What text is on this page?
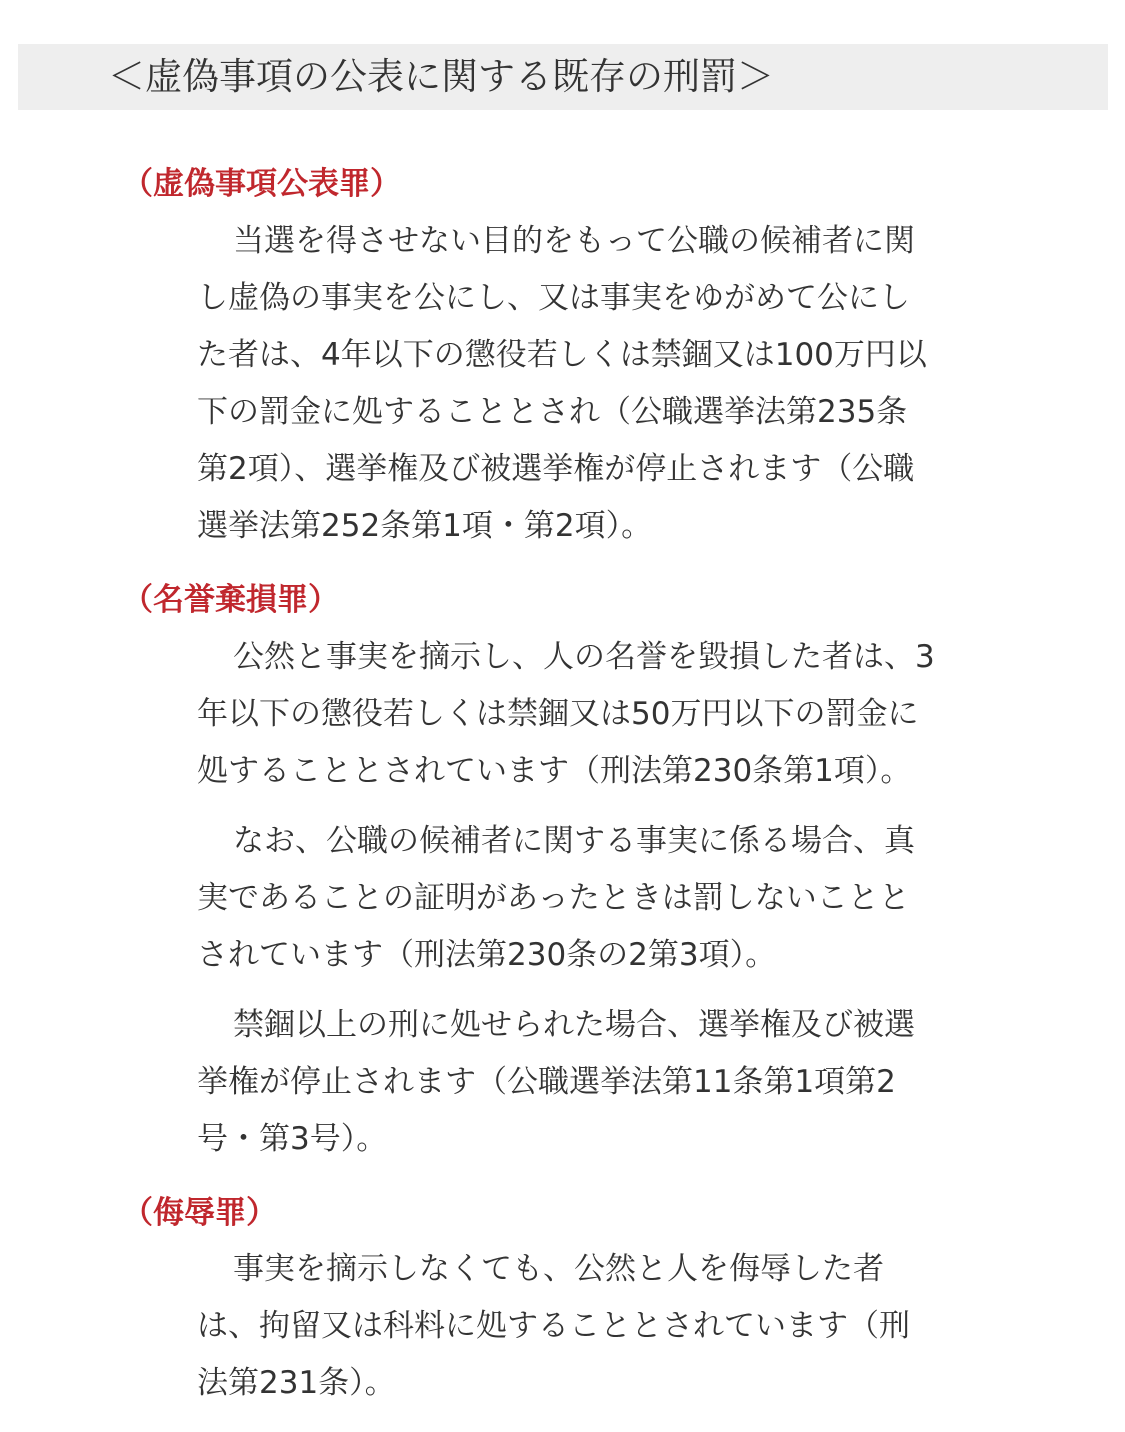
＜虚偽事項の公表に関する既存の刑罰＞
（虚偽事項公表罪）
当選を得させない目的をもって公職の候補者に関
し虚偽の事実を公にし、又は事実をゆがめて公にし
た者は、4年以下の懲役若しくは禁錮又は100万円以
下の罰金に処することとされ（公職選挙法第235条
第2項）、選挙権及び被選挙権が停止されます（公職
選挙法第252条第1項・第2項）。
（名誉棄損罪）
公然と事実を摘示し、人の名誉を毀損した者は、3
年以下の懲役若しくは禁錮又は50万円以下の罰金に
処することとされています（刑法第230条第1項）。
なお、公職の候補者に関する事実に係る場合、真
実であることの証明があったときは罰しないことと
されています（刑法第230条の2第3項）。
禁錮以上の刑に処せられた場合、選挙権及び被選
挙権が停止されます（公職選挙法第11条第1項第2
号・第3号）。
（侮辱罪）
事実を摘示しなくても、公然と人を侮辱した者
は、拘留又は科料に処することとされています（刑
法第231条）。
